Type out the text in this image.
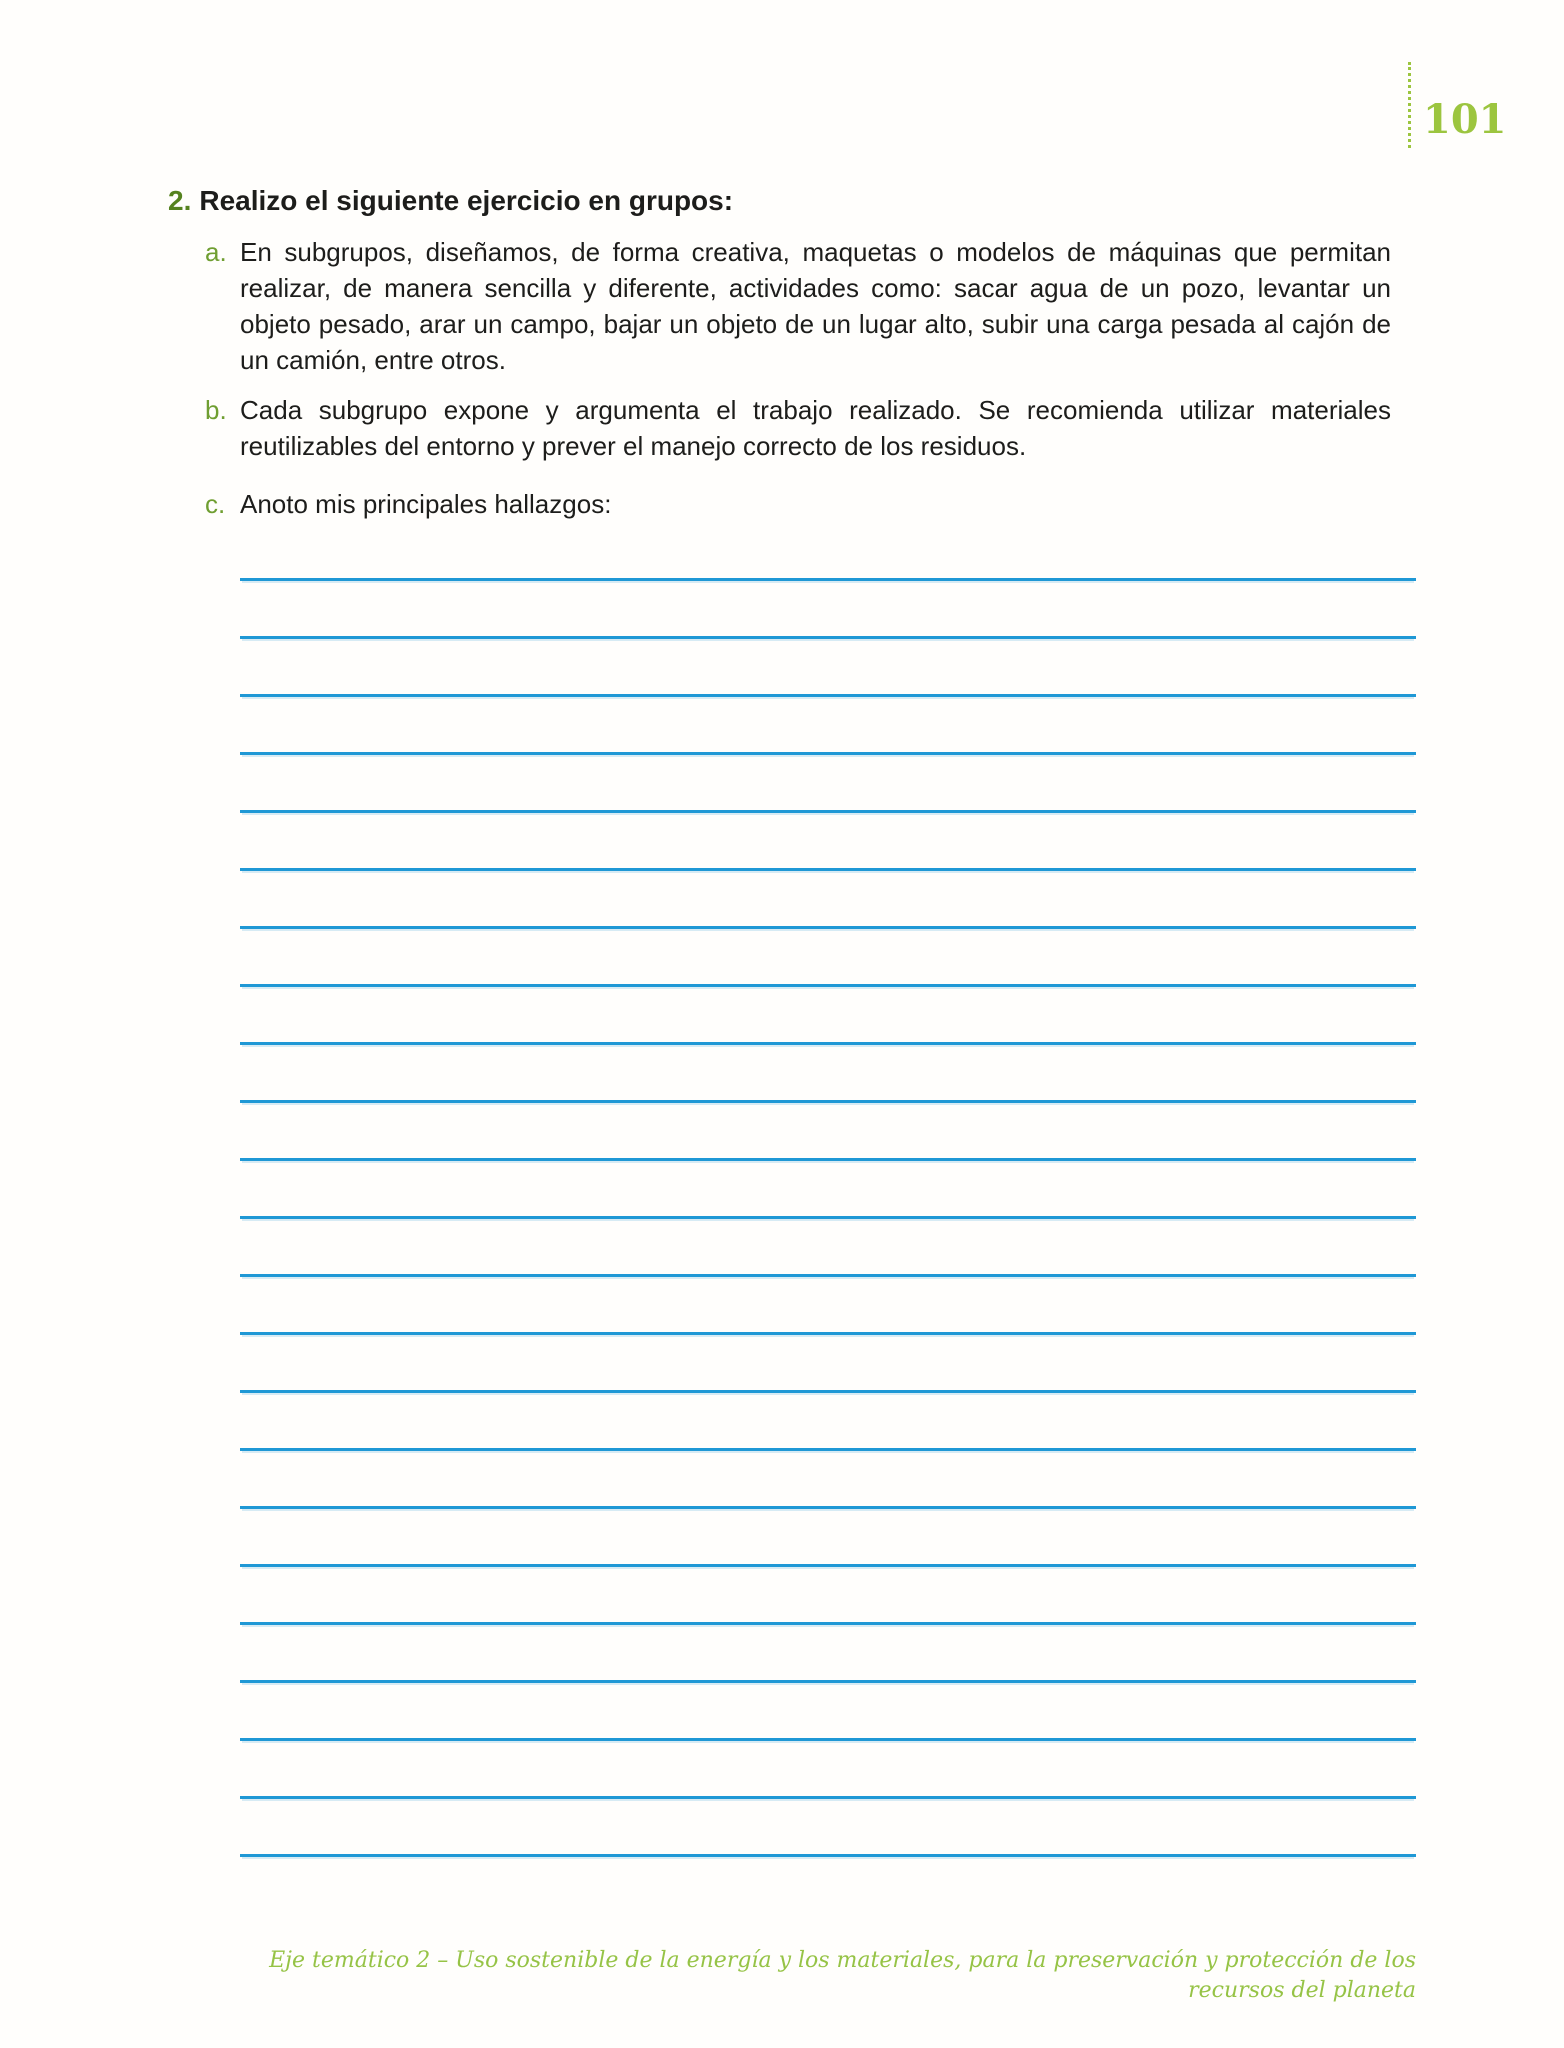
101
2. Realizo el siguiente ejercicio en grupos:
a. En subgrupos, diseñamos, de forma creativa, maquetas o modelos de máquinas que permitan realizar, de manera sencilla y diferente, actividades como: sacar agua de un pozo, levantar un objeto pesado, arar un campo, bajar un objeto de un lugar alto, subir una carga pesada al cajón de un camión, entre otros.
b. Cada subgrupo expone y argumenta el trabajo realizado. Se recomienda utilizar materiales reutilizables del entorno y prever el manejo correcto de los residuos.
c. Anoto mis principales hallazgos:
Eje temático 2 – Uso sostenible de la energía y los materiales, para la preservación y protección de los recursos del planeta
